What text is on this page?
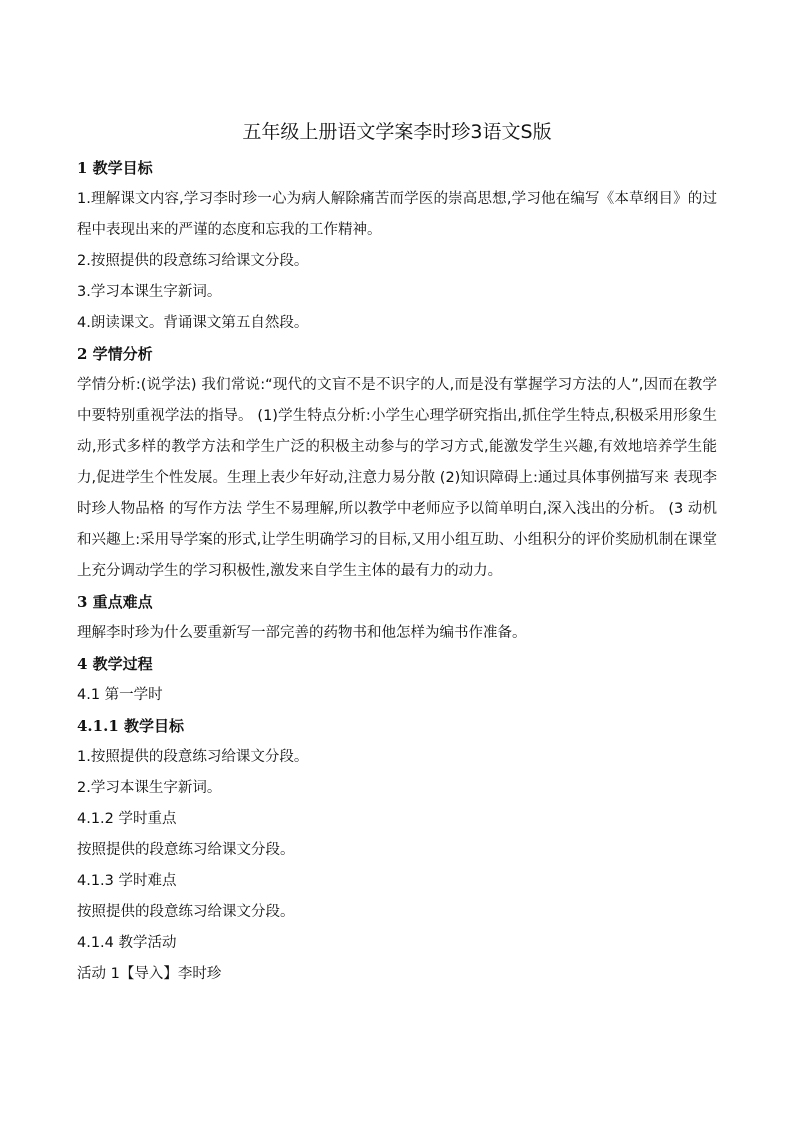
五年级上册语文学案李时珍3语文S版
1 教学目标
1.理解课文内容,学习李时珍一心为病人解除痛苦而学医的崇高思想,学习他在编写《本草纲目》的过程中表现出来的严谨的态度和忘我的工作精神。
2.按照提供的段意练习给课文分段。
3.学习本课生字新词。
4.朗读课文。背诵课文第五自然段。
2 学情分析
学情分析:(说学法) 我们常说:“现代的文盲不是不识字的人,而是没有掌握学习方法的人”,因而在教学中要特别重视学法的指导。 (1)学生特点分析:小学生心理学研究指出,抓住学生特点,积极采用形象生动,形式多样的教学方法和学生广泛的积极主动参与的学习方式,能激发学生兴趣,有效地培养学生能力,促进学生个性发展。生理上表少年好动,注意力易分散 (2)知识障碍上:通过具体事例描写来 表现李时珍人物品格 的写作方法 学生不易理解,所以教学中老师应予以简单明白,深入浅出的分析。 (3 动机和兴趣上:采用导学案的形式,让学生明确学习的目标,又用小组互助、小组积分的评价奖励机制在课堂上充分调动学生的学习积极性,激发来自学生主体的最有力的动力。
3 重点难点
理解李时珍为什么要重新写一部完善的药物书和他怎样为编书作准备。
4 教学过程
4.1 第一学时
4.1.1 教学目标
1.按照提供的段意练习给课文分段。
2.学习本课生字新词。
4.1.2 学时重点
按照提供的段意练习给课文分段。
4.1.3 学时难点
按照提供的段意练习给课文分段。
4.1.4 教学活动
活动 1【导入】李时珍
